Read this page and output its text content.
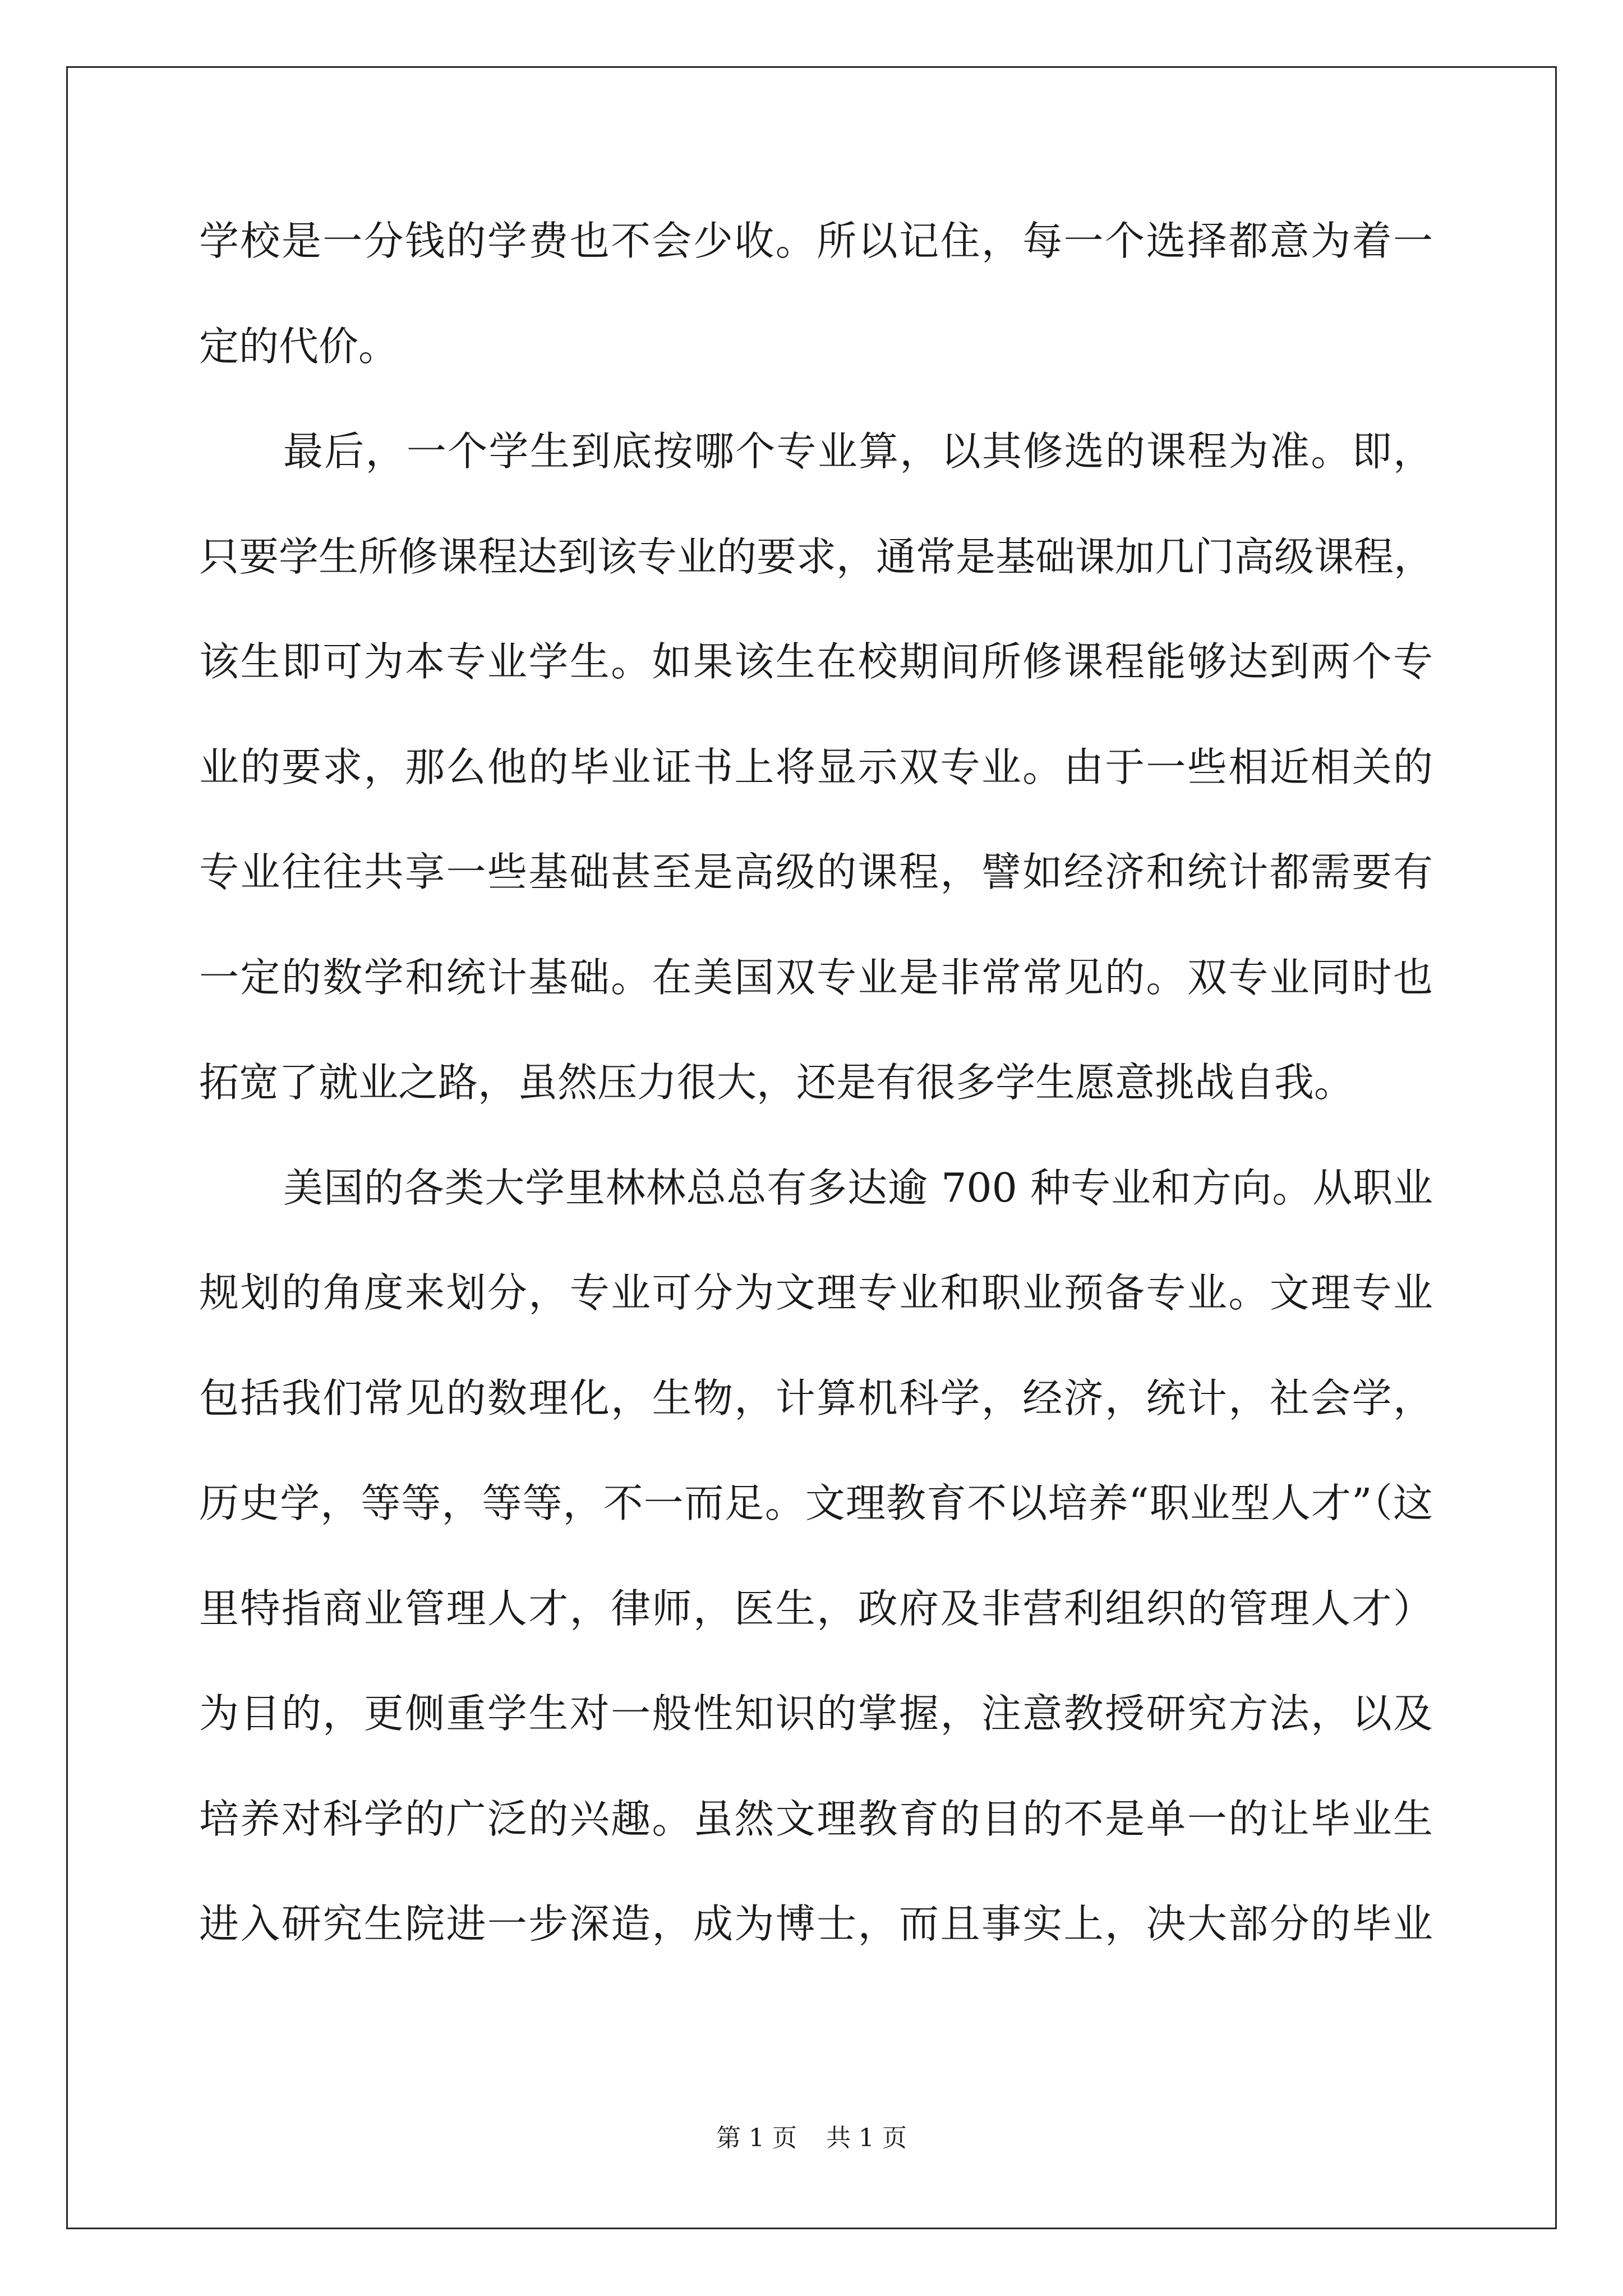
学校是一分钱的学费也不会少收。所以记住，每一个选择都意为着一
定的代价。
最后，一个学生到底按哪个专业算，以其修选的课程为准。即，
只要学生所修课程达到该专业的要求，通常是基础课加几门高级课程，
该生即可为本专业学生。如果该生在校期间所修课程能够达到两个专
业的要求，那么他的毕业证书上将显示双专业。由于一些相近相关的
专业往往共享一些基础甚至是高级的课程，譬如经济和统计都需要有
一定的数学和统计基础。在美国双专业是非常常见的。双专业同时也
拓宽了就业之路，虽然压力很大，还是有很多学生愿意挑战自我。
美国的各类大学里林林总总有多达逾 700 种专业和方向。从职业
规划的角度来划分，专业可分为文理专业和职业预备专业。文理专业
包括我们常见的数理化，生物，计算机科学，经济，统计，社会学，
历史学，等等，等等，不一而足。文理教育不以培养“职业型人才”（这
里特指商业管理人才，律师，医生，政府及非营利组织的管理人才）
为目的，更侧重学生对一般性知识的掌握，注意教授研究方法，以及
培养对科学的广泛的兴趣。虽然文理教育的目的不是单一的让毕业生
进入研究生院进一步深造，成为博士，而且事实上，决大部分的毕业
第 1 页 共 1 页
